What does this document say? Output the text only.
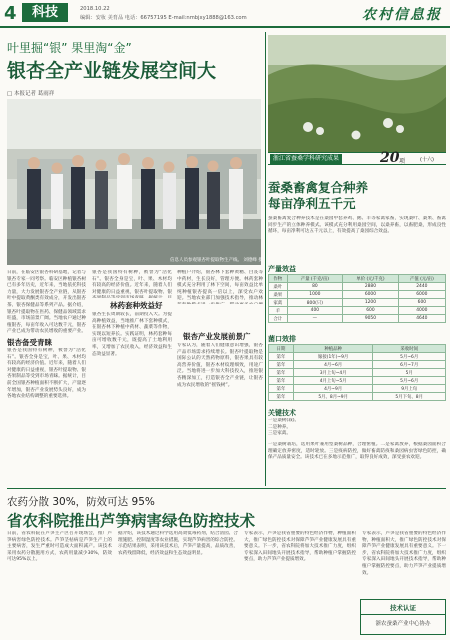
4	科技	2018.10.22
编辑：安妆 美育品 电话：66757195 E-mail:nmbjxy1888@163.com	农村信息报
叶里掘“银” 果里淘“金”
银杏全产业链发展空间大
□ 本报记者 葛雨祥
信息人员参观银杏叶提取物生产线。 刘德峰 摄
日前，在临安区银杏科研基地，记者与银杏专家一同考察。临安区种植银杏树已有多年历史，近年来，当地依托科技力量，大力发展银杏全产业链，从银杏叶中提取黄酮类有效成分，开发出银杏茶、银杏保健品等系列产品。据介绍，银杏叶提取物在医药、保健品领域需求旺盛，市场前景广阔。当地农户通过种植银杏，每亩年收入可达数千元，银杏产业已成为带动农民增收的重要产业。
银杏备受青睐
银杏是我国特有树种，被誉为“活化石”。银杏全身是宝，叶、果、木材均有较高的经济价值。近年来，随着人们对健康的日益重视，银杏叶提取物、银杏果制品等受到市场青睐。据统计，目前全国银杏种植面积不断扩大，产量逐年增加，银杏产业发展势头良好，成为各地农业结构调整的重要选择。
银杏是我国特有树种，被誉为“活化石”。银杏全身是宝，叶、果、木材均有较高的经济价值。近年来，随着人们对健康的日益重视，银杏叶提取物、银
林药套种效益好
银杏生长周期较长，前期投入大。为提高种植效益，当地推广林下套种模式，在银杏林下种植中药材、蔬菜等作物，实现以短养长。实践证明，林药套种每亩可增收数千元，既提高了土地利用率，又增加了农民收入，经济效益和生态效益显著。
种植户介绍，银杏林下套种黄精、白芨等中药材，生长良好，管理方便。林药套种模式充分利用了林下空间，每亩效益比单纯种植银杏提高一倍以上，深受农户欢迎。当地农业部门加强技术指导，推动林
银杏产业发展前景广
专家认为，随着人们健康意识增强，银杏产品市场需求持续增长。银杏叶提取物是国际公认的天然药物原料，银杏果具有较高营养价值，银杏木材纹理细致，用途广泛。当地将进一步加大科技投入，推进银杏精深加工，打造银杏全产业链，让银杏成为农民增收的“摇钱树”。
浙江省蚕桑学科研究成果	20 项	(十六)
蚕桑畜禽复合种养
每亩净利五千元
蚕桑畜禽复合种养技术是在桑园中套养鸡、鹅、羊等家禽家畜，实现桑叶、桑果、畜禽同步生产的立体种养模式。该模式充分利用桑园空间，以桑养畜，以畜肥桑，形成良性循环，每亩净利可达五千元以上，有效提高了桑园综合效益。
产量效益
作物	产量 (千克/亩)	单价 (元/千克)	产值 (元/亩)
桑叶	80	2880	2440
桑果	1000	6000	6000
家禽	800(只)	1200	600
羊	400	600	4000
合计	—	9050	4640
菌口效排
日期	种植品种	采收时间
第年	嫁接(1年)~9月	5月~6月
第年	4月~6月	6月~7月
第年	3月上旬~4月	5月
第年	4月上旬~5月	5月~6月
第年	4月~9月	9月上旬
第年	5月、8月~9月	5月下旬、8月
关键技术
一是桑树(栽)。
二是种养。
三是家禽。
一是桑树栽培，选用果叶兼用型桑树品种，合理密植。二是家禽放养，根据桑园面积合理确定放养密度，适时轮放。三是疫病防控，做好畜禽防疫和桑园病虫害绿色防控，确保产品质量安全。该技术已在多地示范推广，取得良好成效，深受蚕农欢迎。
农药分散 30%，防效可达 95%
省农科院推出芦笋病害绿色防控技术
日前，省农科院在芦笋主产区召开现场会，推广芦笋病害绿色防控技术。芦笋茎枯病是芦笋生产上的主要病害，发生严重时可造成大面积减产。该技术采用农药分散施用方式，农药用量减少30%，防效可达95%以上。
据介绍，该技术通过科学选用高效低毒药剂，结合清园、合理施肥、控制湿度等农业措施，实现芦笋病害的综合防控。示范结果表明，采用该技术后，芦笋产量提高，品质改善，农药残留降低，经济效益和生态效益明显。
专家表示，芦笋是我省重要的特色经济作物，种植面积大，推广绿色防控技术对保障芦笋产业健康发展具有重要意义。下一步，省农科院将加大技术推广力度，组织专家深入田间地头开展技术指导，帮助种植户掌握防控要点，助力芦笋产业提质增效。
专家表示，芦笋是我省重要的特色经济作物，种植面积大，推广绿色防控技术对保障芦笋产业健康发展具有重要意义。下一步，省农科院将加大技术推广力度，组织专家深入田间地头开展技术指导，帮助种植户掌握防控要点，助力芦笋产业提质增效。
技术认证
浙农蚕桑产业中心协办
